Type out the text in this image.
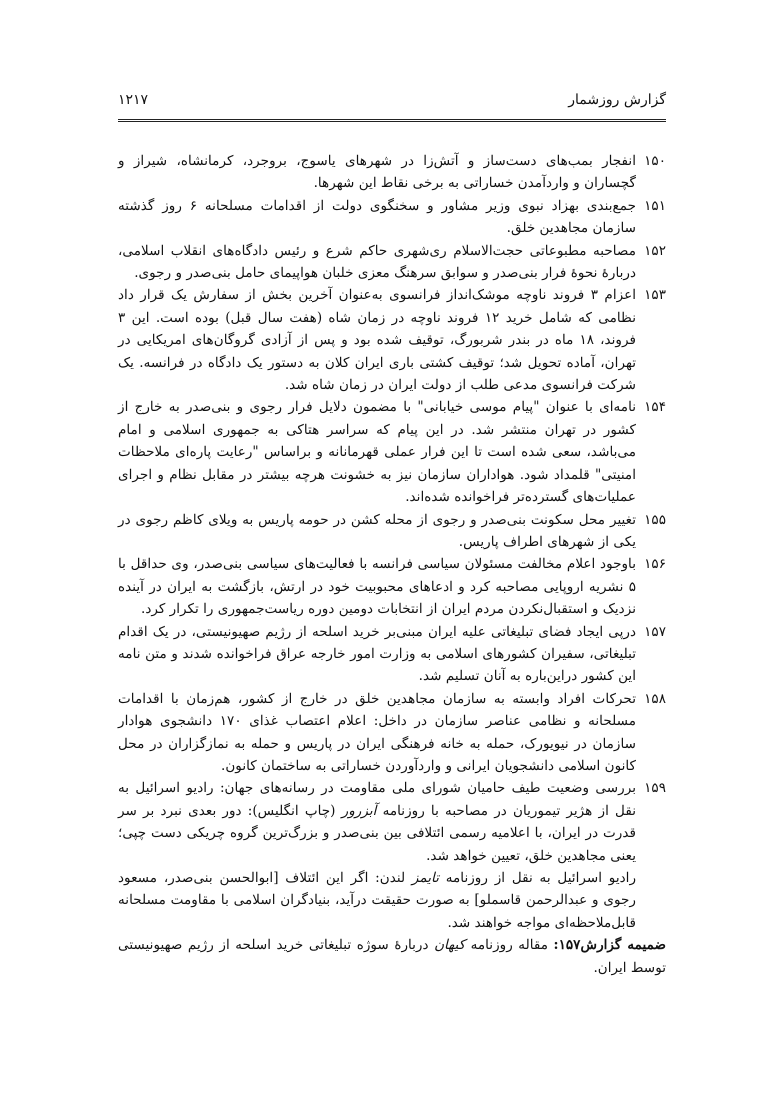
گزارش روزشمار
۱۲۱۷
۱۵۰
انفجار بمب‌های دست‌ساز و آتش‌زا در شهرهای یاسوج، بروجرد، کرمانشاه، شیراز و گچساران و واردآمدن خساراتی به برخی نقاط این شهرها.
۱۵۱
جمع‌بندی بهزاد نبوی وزیر مشاور و سخنگوی دولت از اقدامات مسلحانه ۶ روز گذشته سازمان مجاهدین خلق.
۱۵۲
مصاحبه مطبوعاتی حجت‌الاسلام ری‌شهری حاکم شرع و رئیس دادگاه‌های انقلاب اسلامی، دربارهٔ نحوهٔ فرار بنی‌صدر و سوابق سرهنگ معزی خلبان هواپیمای حامل بنی‌صدر و رجوی.
۱۵۳
اعزام ۳ فروند ناوچه موشک‌انداز فرانسوی به‌عنوان آخرین بخش از سفارش یک قرار داد نظامی که شامل خرید ۱۲ فروند ناوچه در زمان شاه (هفت سال قبل) بوده است. این ۳ فروند، ۱۸ ماه در بندر شربورگ، توقیف شده بود و پس از آزادی گروگان‌های امریکایی در تهران، آماده تحویل شد؛ توقیف کشتی باری ایران کلان به دستور یک دادگاه در فرانسه. یک شرکت فرانسوی مدعی طلب از دولت ایران در زمان شاه شد.
۱۵۴
نامه‌ای با عنوان "پیام موسی خیابانی" با مضمون دلایل فرار رجوی و بنی‌صدر به خارج از کشور در تهران منتشر شد. در این پیام که سراسر هتاکی به جمهوری اسلامی و امام می‌باشد، سعی شده است تا این فرار عملی قهرمانانه و براساس "رعایت پاره‌ای ملاحظات امنیتی" قلمداد شود. هواداران سازمان نیز به خشونت هرچه بیشتر در مقابل نظام و اجرای عملیات‌های گسترده‌تر فراخوانده شده‌اند.
۱۵۵
تغییر محل سکونت بنی‌صدر و رجوی از محله کشن در حومه پاریس به ویلای کاظم رجوی در یکی از شهرهای اطراف پاریس.
۱۵۶
باوجود اعلام مخالفت مسئولان سیاسی فرانسه با فعالیت‌های سیاسی بنی‌صدر، وی حداقل با ۵ نشریه اروپایی مصاحبه کرد و ادعاهای محبوبیت خود در ارتش، بازگشت به ایران در آینده نزدیک و استقبال‌نکردن مردم ایران از انتخابات دومین دوره ریاست‌جمهوری را تکرار کرد.
۱۵۷
درپی ایجاد فضای تبلیغاتی علیه ایران مبنی‌بر خرید اسلحه از رژیم صهیونیستی، در یک اقدام تبلیغاتی، سفیران کشورهای اسلامی به وزارت امور خارجه عراق فراخوانده شدند و متن نامه این کشور دراین‌باره به آنان تسلیم شد.
۱۵۸
تحرکات افراد وابسته به سازمان مجاهدین خلق در خارج از کشور، هم‌زمان با اقدامات مسلحانه و نظامی عناصر سازمان در داخل: اعلام اعتصاب غذای ۱۷۰ دانشجوی هوادار سازمان در نیویورک، حمله به خانه فرهنگی ایران در پاریس و حمله به نمازگزاران در محل کانون اسلامی دانشجویان ایرانی و واردآوردن خساراتی به ساختمان کانون.
۱۵۹
بررسی وضعیت طیف حامیان شورای ملی مقاومت در رسانه‌های جهان: رادیو اسرائیل به نقل از هژیر تیموریان در مصاحبه با روزنامه آبزرور (چاپ انگلیس): دور بعدی نبرد بر سر قدرت در ایران، با اعلامیه رسمی ائتلافی بین بنی‌صدر و بزرگ‌ترین گروه چریکی دست چپی؛ یعنی مجاهدین خلق، تعیین خواهد شد.
رادیو اسرائیل به نقل از روزنامه تایمز لندن: اگر این ائتلاف [ابوالحسن بنی‌صدر، مسعود رجوی و عبدالرحمن قاسملو] به صورت حقیقت درآید، بنیادگران اسلامی با مقاومت مسلحانه قابل‌ملاحظه‌ای مواجه خواهند شد.
ضمیمه گزارش۱۵۷: مقاله روزنامه کیهان دربارهٔ سوژه تبلیغاتی خرید اسلحه از رژیم صهیونیستی توسط ایران.
